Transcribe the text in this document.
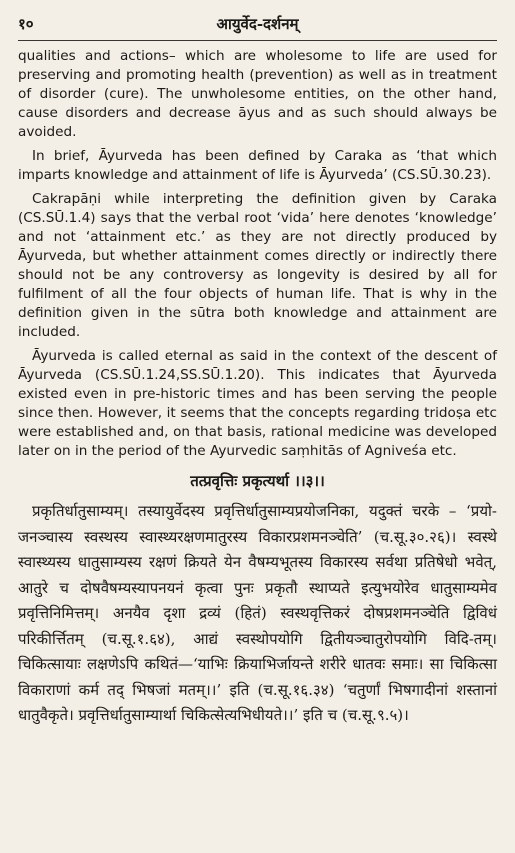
१०	आयुर्वेद-दर्शनम्

qualities and actions– which are wholesome to life are used for preserving and promoting health (prevention) as well as in treatment of disorder (cure). The unwholesome entities, on the other hand, cause disorders and decrease āyus and as such should always be avoided.

In brief, Āyurveda has been defined by Caraka as ‘that which imparts knowledge and attainment of life is Āyurveda’ (CS.SŪ.30.23).

Cakrapāṇi while interpreting the definition given by Caraka (CS.SŪ.1.4) says that the verbal root ‘vida’ here denotes ‘knowledge’ and not ‘attainment etc.’ as they are not directly produced by Āyurveda, but whether attainment comes directly or indirectly there should not be any controversy as longevity is desired by all for fulfilment of all the four objects of human life. That is why in the definition given in the sūtra both knowledge and attainment are included.

Āyurveda is called eternal as said in the context of the descent of Āyurveda (CS.SŪ.1.24,SS.SŪ.1.20). This indicates that Āyurveda existed even in pre-historic times and has been serving the people since then. However, it seems that the concepts regarding tridoṣa etc were established and, on that basis, rational medicine was developed later on in the period of the Ayurvedic saṃhitās of Agniveśa etc.

तत्प्रवृत्तिः प्रकृत्यर्था ।।३।।

प्रकृतिर्धातुसाम्यम्। तस्यायुर्वेदस्य प्रवृत्तिर्धातुसाम्यप्रयोजनिका, यदुक्तं चरके – ‘प्रयो-जनञ्चास्य स्वस्थस्य स्वास्थ्यरक्षणमातुरस्य विकारप्रशमनञ्चेति’ (च.सू.३०.२६)। स्वस्थे स्वास्थ्यस्य धातुसाम्यस्य रक्षणं क्रियते येन वैषम्यभूतस्य विकारस्य सर्वथा प्रतिषेधो भवेत्, आतुरे च दोषवैषम्यस्यापनयनं कृत्वा पुनः प्रकृतौ स्थाप्यते इत्युभयोरेव धातुसाम्यमेव प्रवृत्तिनिमित्तम्। अनयैव दृशा द्रव्यं (हितं) स्वस्थवृत्तिकरं दोषप्रशमनञ्चेति द्विविधं परिकीर्त्तितम् (च.सू.१.६४), आद्यं स्वस्थोपयोगि द्वितीयञ्चातुरोपयोगि विदि-तम्। चिकित्सायाः लक्षणेऽपि कथितं—‘याभिः क्रियाभिर्जायन्ते शरीरे धातवः समाः। सा चिकित्सा विकाराणां कर्म तद् भिषजां मतम्।।’ इति (च.सू.१६.३४) ‘चतुर्णां भिषगादीनां शस्तानां धातुवैकृते। प्रवृत्तिर्धातुसाम्यार्था चिकित्सेत्यभिधीयते।।’ इति च (च.सू.९.५)।
